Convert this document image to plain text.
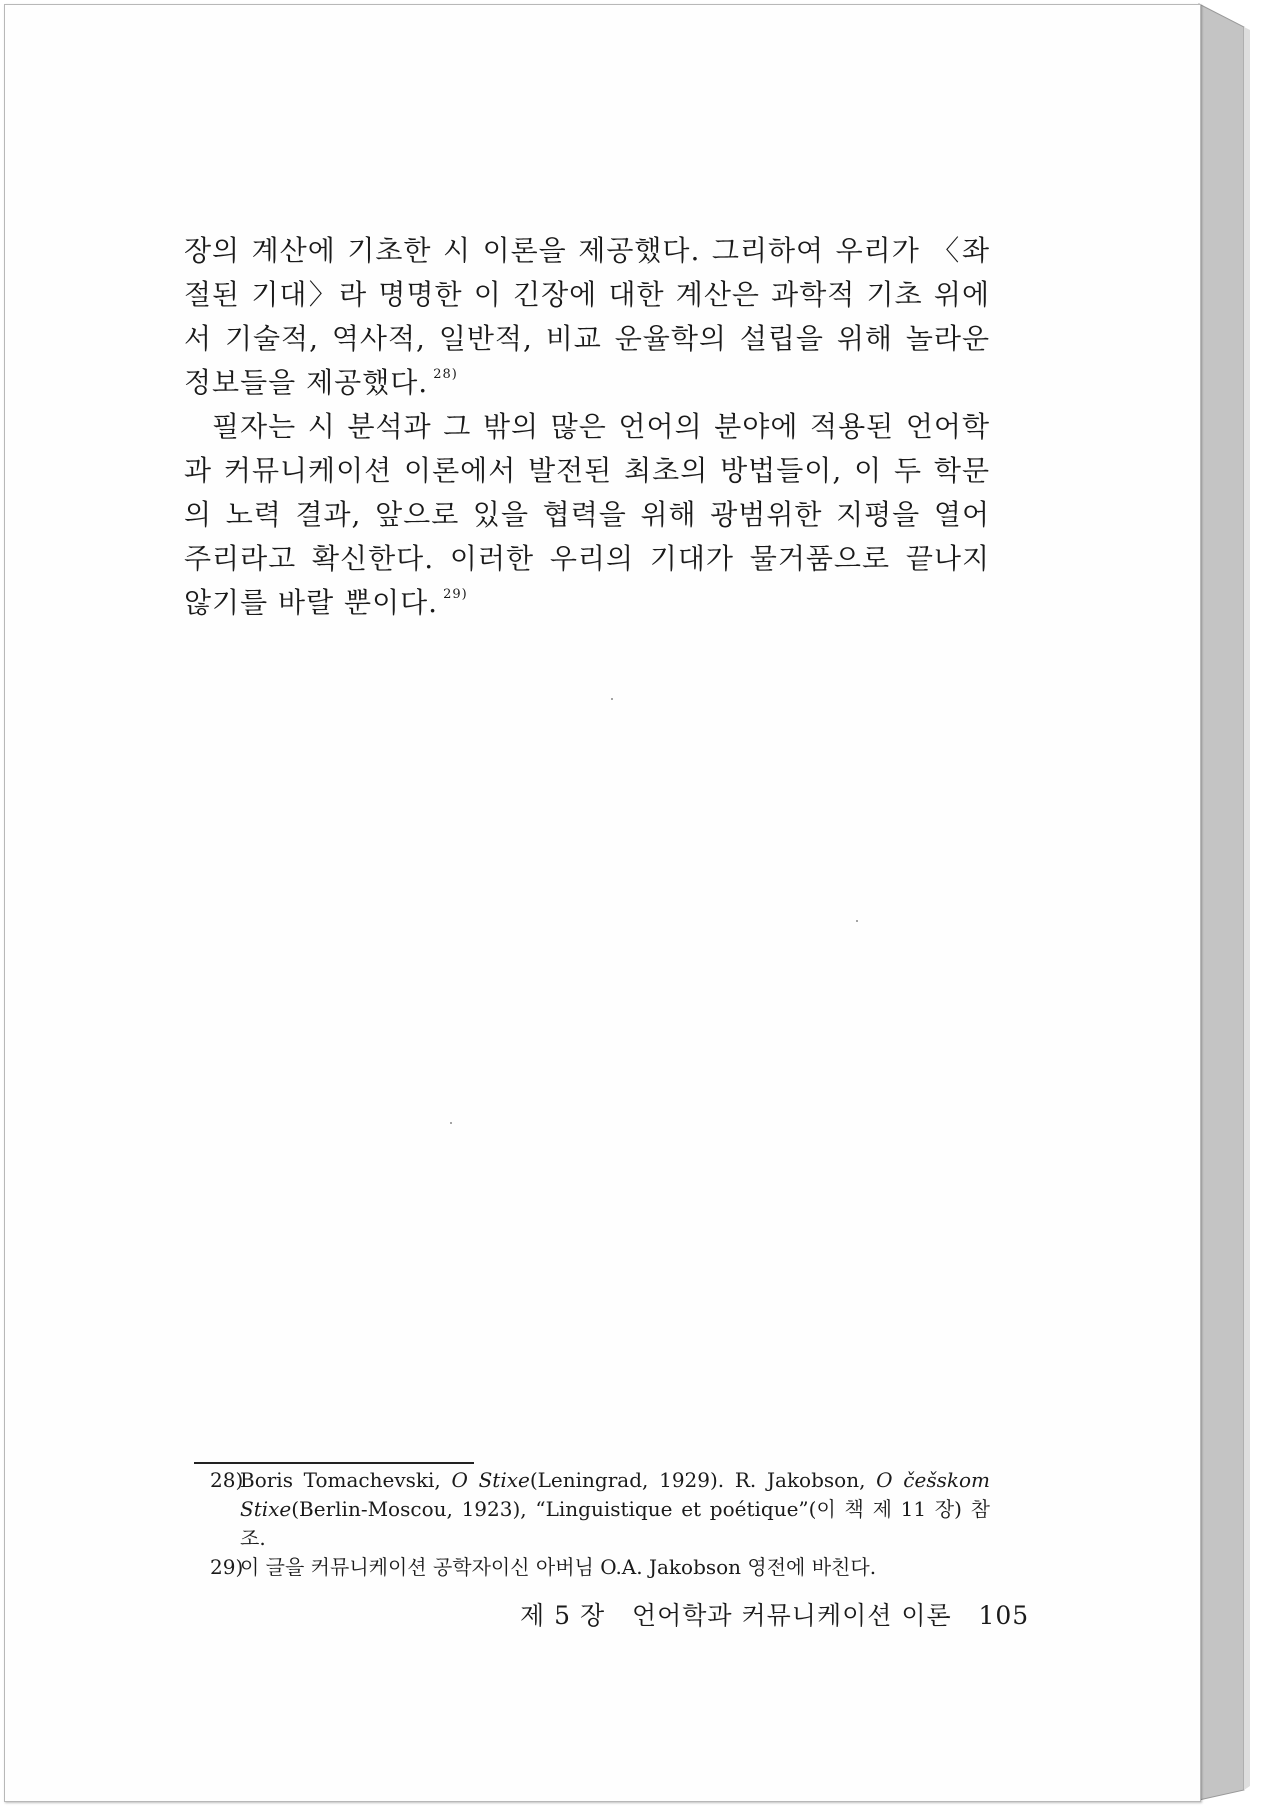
장의 계산에 기초한 시 이론을 제공했다. 그리하여 우리가 〈좌절된 기대〉라 명명한 이 긴장에 대한 계산은 과학적 기초 위에서 기술적, 역사적, 일반적, 비교 운율학의 설립을 위해 놀라운 정보들을 제공했다. $^{28)}$

필자는 시 분석과 그 밖의 많은 언어의 분야에 적용된 언어학과 커뮤니케이션 이론에서 발전된 최초의 방법들이, 이 두 학문의 노력 결과, 앞으로 있을 협력을 위해 광범위한 지평을 열어 주리라고 확신한다. 이러한 우리의 기대가 물거품으로 끝나지 않기를 바랄 뿐이다. $^{29)}$

28)
Boris Tomachevski, O Stixe(Leningrad, 1929). R. Jakobson, O češskom Stixe(Berlin-Moscou, 1923), “Linguistique et poétique”(이 책 제 11 장) 참조.

29)
이 글을 커뮤니케이션 공학자이신 아버님 O.A. Jakobson 영전에 바친다.

제 5 장 언어학과 커뮤니케이션 이론 105
